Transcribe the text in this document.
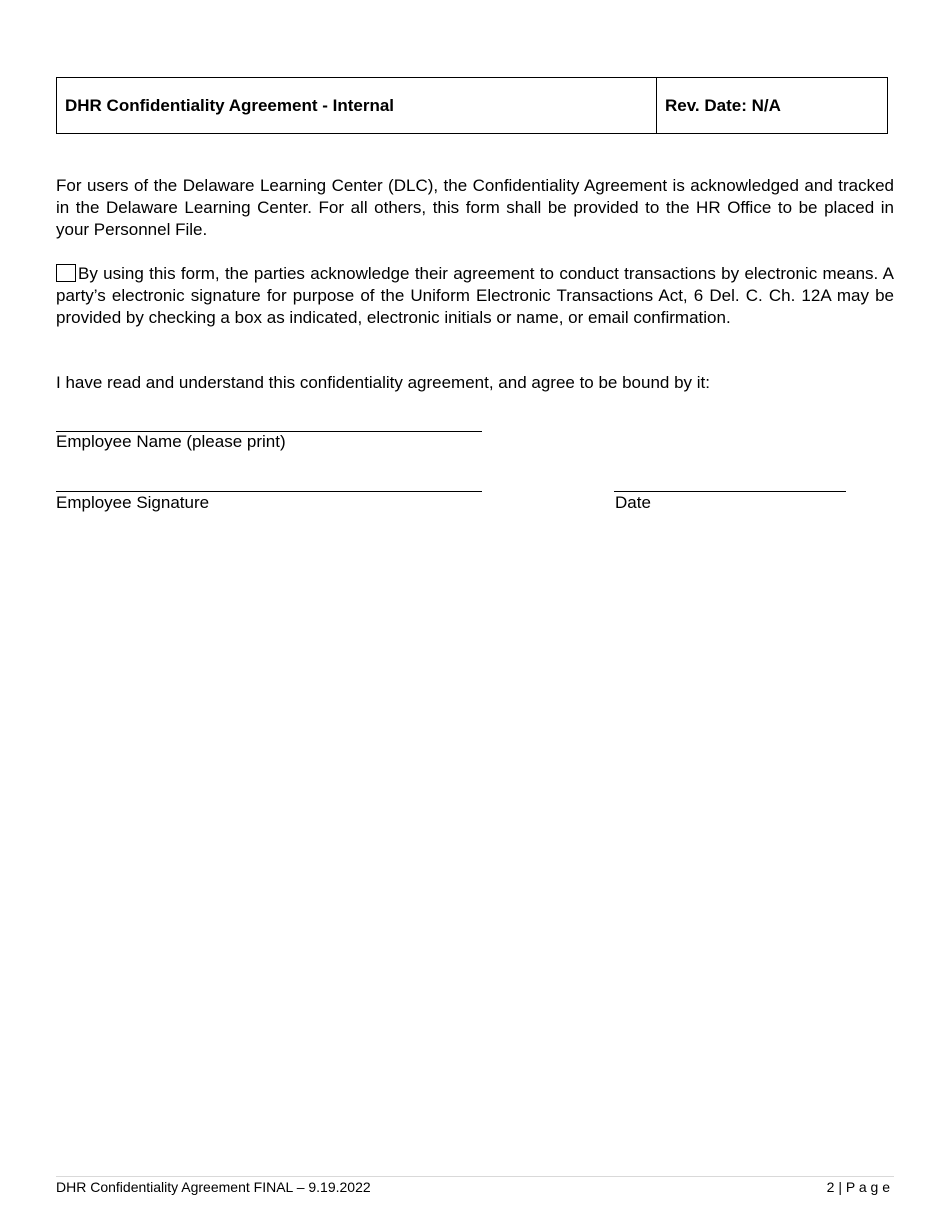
DHR Confidentiality Agreement - Internal	Rev. Date: N/A

For users of the Delaware Learning Center (DLC), the Confidentiality Agreement is acknowledged and tracked in the Delaware Learning Center. For all others, this form shall be provided to the HR Office to be placed in your Personnel File.

By using this form, the parties acknowledge their agreement to conduct transactions by electronic means. A party’s electronic signature for purpose of the Uniform Electronic Transactions Act, 6 Del. C. Ch. 12A may be provided by checking a box as indicated, electronic initials or name, or email confirmation.

I have read and understand this confidentiality agreement, and agree to be bound by it:

Employee Name (please print)
Employee Signature	Date
DHR Confidentiality Agreement FINAL – 9.19.2022	2 | P a g e
